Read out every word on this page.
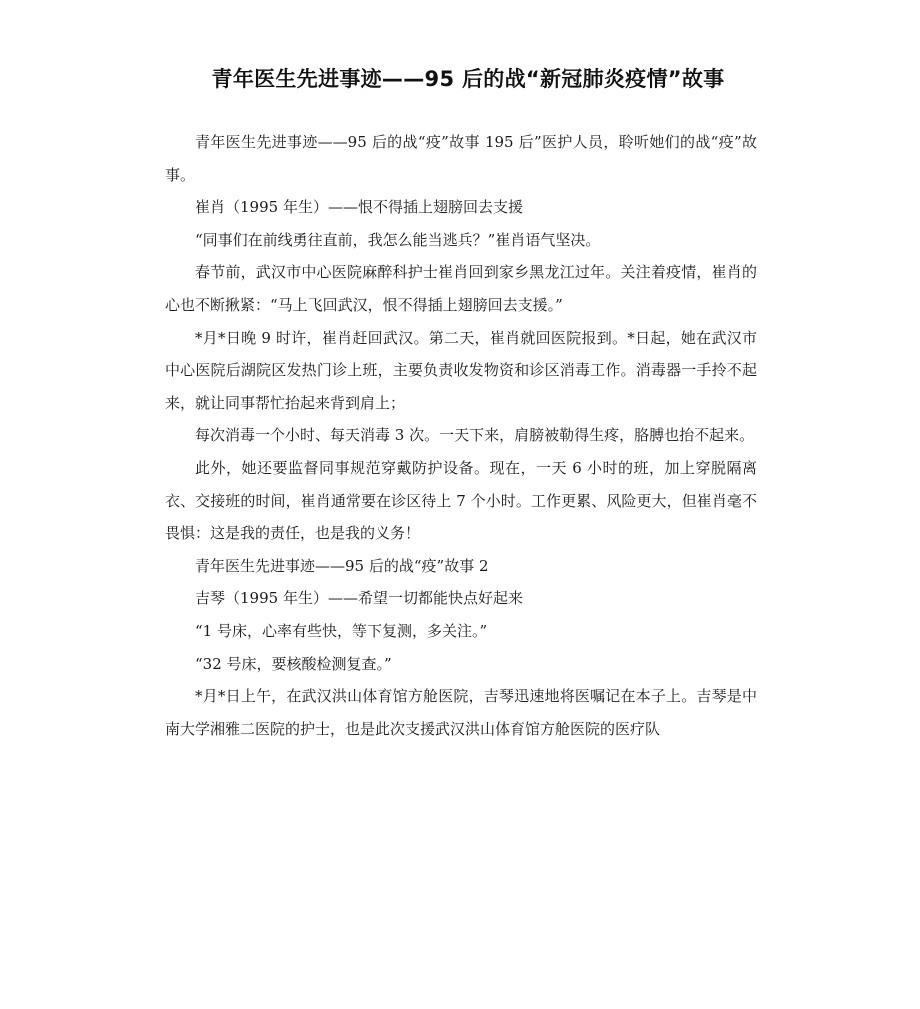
青年医生先进事迹——95 后的战“新冠肺炎疫情”故事

青年医生先进事迹——95 后的战“疫”故事 195 后”医护人员，聆听她们的战“疫”故事。

崔肖（1995 年生）——恨不得插上翅膀回去支援

“同事们在前线勇往直前，我怎么能当逃兵？”崔肖语气坚决。

春节前，武汉市中心医院麻醉科护士崔肖回到家乡黑龙江过年。关注着疫情，崔肖的心也不断揪紧：“马上飞回武汉，恨不得插上翅膀回去支援。”

*月*日晚 9 时许，崔肖赶回武汉。第二天，崔肖就回医院报到。*日起，她在武汉市中心医院后湖院区发热门诊上班，主要负责收发物资和诊区消毒工作。消毒器一手拎不起来，就让同事帮忙抬起来背到肩上；

每次消毒一个小时、每天消毒 3 次。一天下来，肩膀被勒得生疼，胳膊也抬不起来。

此外，她还要监督同事规范穿戴防护设备。现在，一天 6 小时的班，加上穿脱隔离衣、交接班的时间，崔肖通常要在诊区待上 7 个小时。工作更累、风险更大，但崔肖毫不畏惧：这是我的责任，也是我的义务！

青年医生先进事迹——95 后的战“疫”故事 2

吉琴（1995 年生）——希望一切都能快点好起来

“1 号床，心率有些快，等下复测，多关注。”

“32 号床，要核酸检测复查。”

*月*日上午，在武汉洪山体育馆方舱医院，吉琴迅速地将医嘱记在本子上。吉琴是中南大学湘雅二医院的护士，也是此次支援武汉洪山体育馆方舱医院的医疗队
